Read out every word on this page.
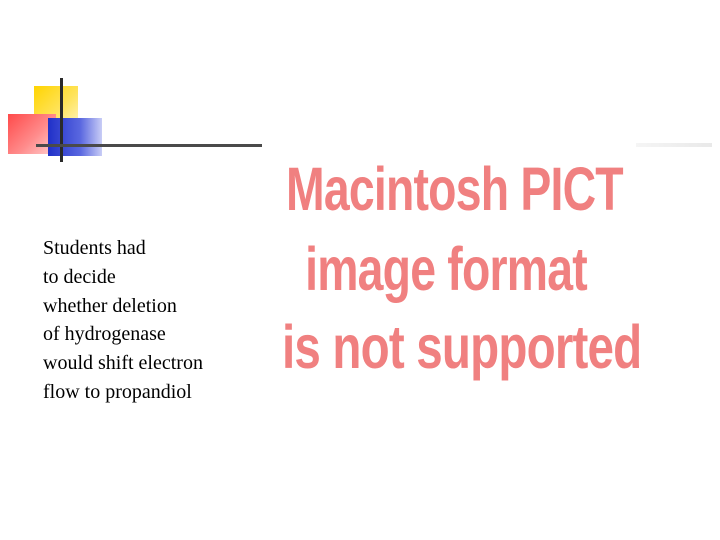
Students had
to decide
whether deletion
of hydrogenase
would shift electron
flow to propandiol

Macintosh PICT
image format
is not supported
